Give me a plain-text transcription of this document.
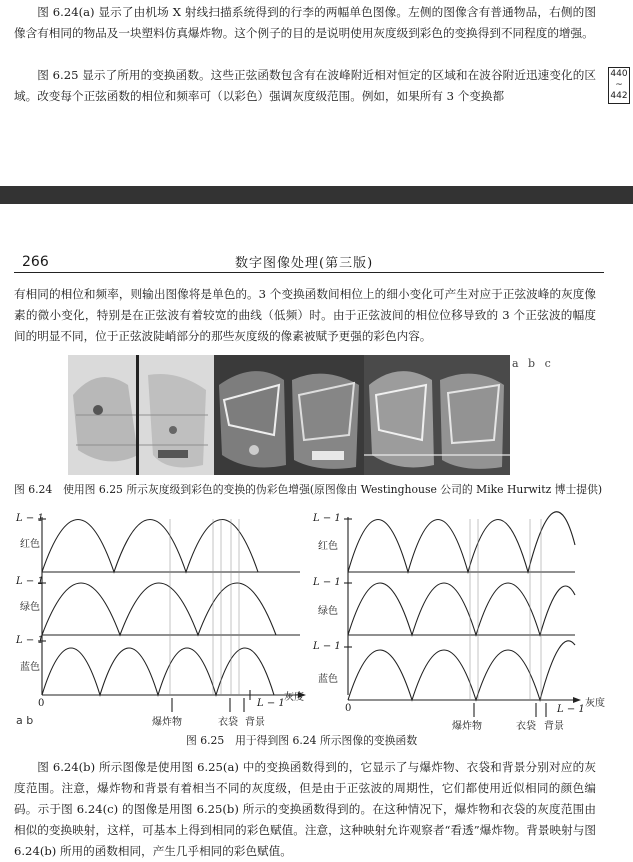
图 6.24(a) 显示了由机场 X 射线扫描系统得到的行李的两幅单色图像。左侧的图像含有普通物品，右侧的图像含有相同的物品及一块塑料仿真爆炸物。这个例子的目的是说明使用灰度级到彩色的变换得到不同程度的增强。

图 6.25 显示了所用的变换函数。这些正弦函数包含有在波峰附近相对恒定的区域和在波谷附近迅速变化的区域。改变每个正弦函数的相位和频率可（以彩色）强调灰度级范围。例如，如果所有 3 个变换都

440
~
442
266	数字图像处理(第三版)

有相同的相位和频率，则输出图像将是单色的。3 个变换函数间相位上的细小变化可产生对应于正弦波峰的灰度像素的微小变化，特别是在正弦波有着较宽的曲线（低频）时。由于正弦波间的相位位移导致的 3 个正弦波的幅度间的明显不同，位于正弦波陡峭部分的那些灰度级的像素被赋予更强的彩色内容。

a b c
图 6.24　使用图 6.25 所示灰度级到彩色的变换的伪彩色增强(原图像由 Westinghouse 公司的 Mike Hurwitz 博士提供)
L − 1
红色
L − 1
绿色
L − 1
蓝色
0
灰度
L − 1
爆炸物	衣袋 背景
a b
L − 1
红色
L − 1
绿色
L − 1
蓝色
0	灰度
L − 1
爆炸物	衣袋 背景
图 6.25　用于得到图 6.24 所示图像的变换函数

图 6.24(b) 所示图像是使用图 6.25(a) 中的变换函数得到的，它显示了与爆炸物、衣袋和背景分别对应的灰度范围。注意，爆炸物和背景有着相当不同的灰度级，但是由于正弦波的周期性，它们都使用近似相同的颜色编码。示于图 6.24(c) 的图像是用图 6.25(b) 所示的变换函数得到的。在这种情况下，爆炸物和衣袋的灰度范围由相似的变换映射，这样，可基本上得到相同的彩色赋值。注意，这种映射允许观察者“看透”爆炸物。背景映射与图6.24(b) 所用的函数相同，产生几乎相同的彩色赋值。
